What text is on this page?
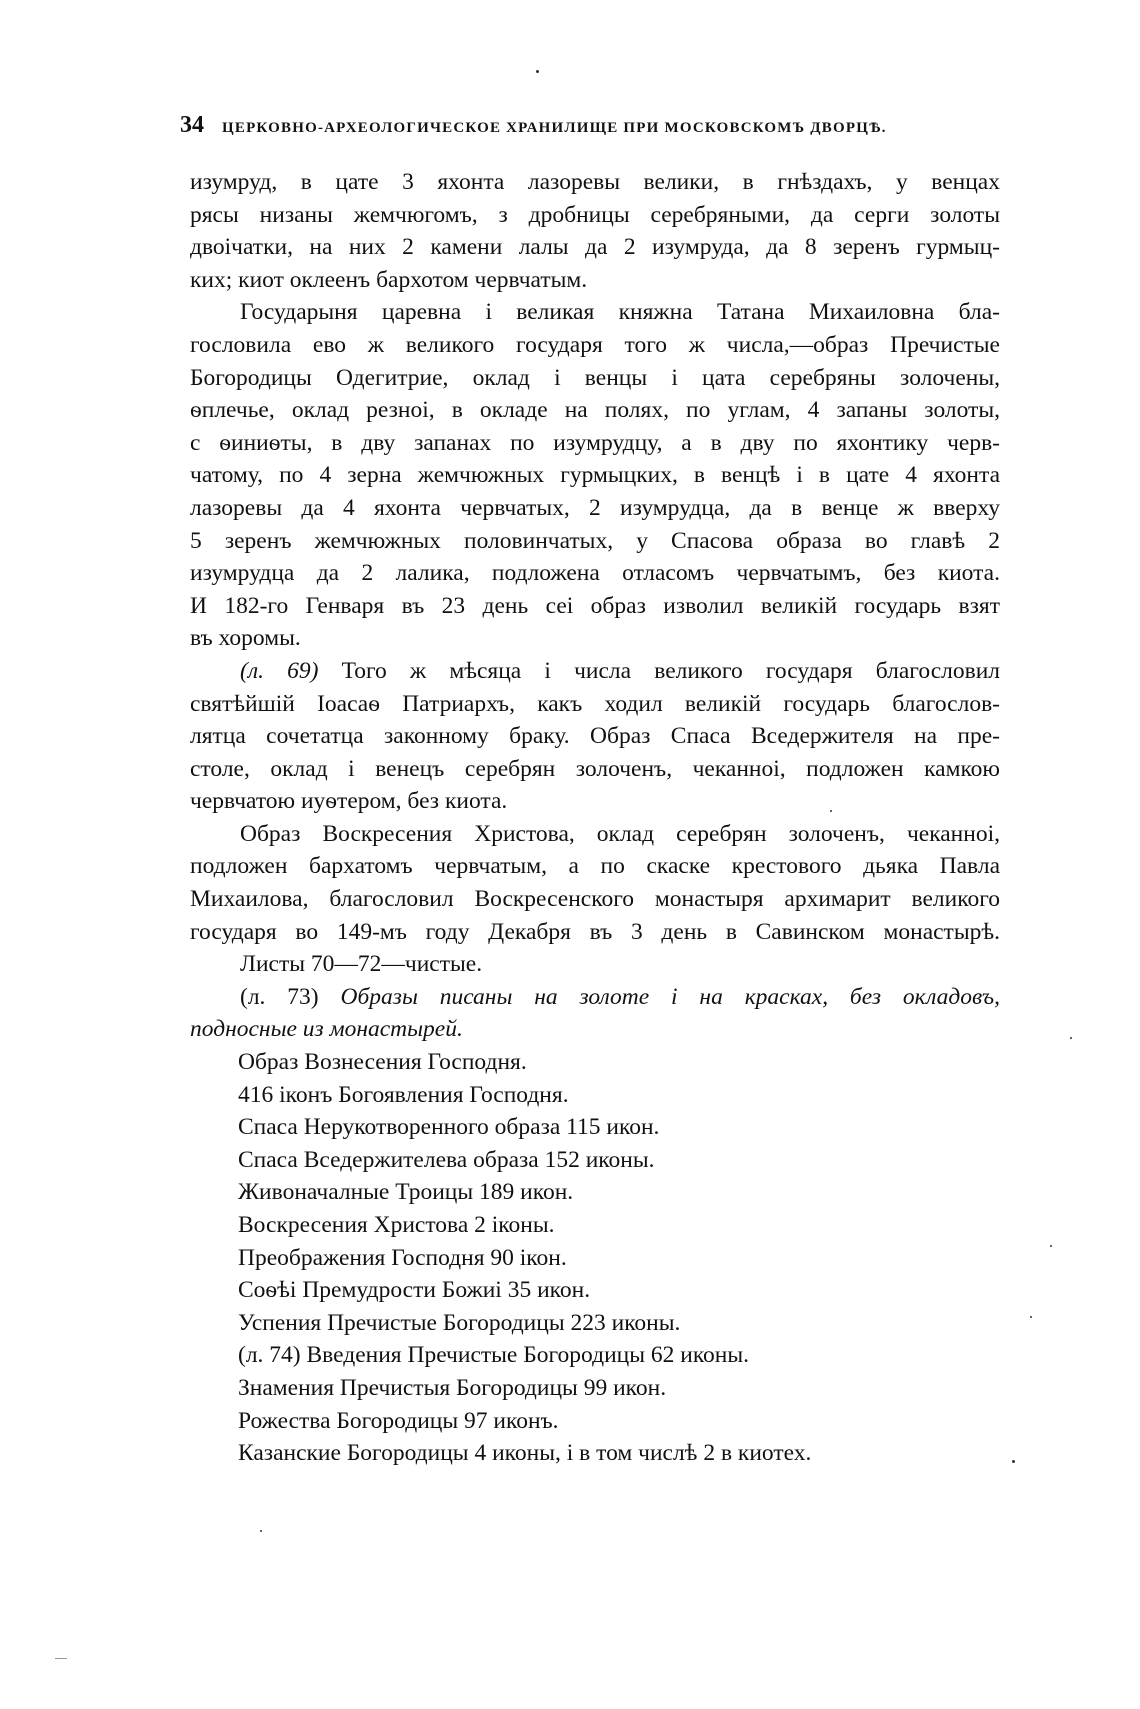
34 ЦЕРКОВНО-АРХЕОЛОГИЧЕСКОЕ ХРАНИЛИЩЕ ПРИ МОСКОВСКОМЪ ДВОРЦѢ.
изумруд, в цате 3 яхонта лазоревы велики, в гнѣздахъ, у венцах
рясы низаны жемчюгомъ, з дробницы серебряными, да серги золоты
двоiчатки, на них 2 камени лалы да 2 изумруда, да 8 зеренъ гурмыц-
ких; киот оклеенъ бархотом червчатым.
Государыня царевна i великая княжна Татана Михаиловна бла-
гословила ево ж великого государя того ж числа,—образ Пречистые
Богородицы Одегитрие, оклад i венцы i цата серебряны золочены,
ѳплечье, оклад резноi, в окладе на полях, по углам, 4 запаны золоты,
с ѳиниѳты, в дву запанах по изумрудцу, а в дву по яхонтику черв-
чатому, по 4 зерна жемчюжных гурмыцких, в венцѣ i в цате 4 яхонта
лазоревы да 4 яхонта червчатых, 2 изумрудца, да в венце ж вверху
5 зеренъ жемчюжных половинчатых, у Спасова образа во главѣ 2
изумрудца да 2 лалика, подложена отласомъ червчатымъ, без киота.
И 182-го Генваря въ 23 день сеi образ изволил великiй государь взят
въ хоромы.
(л. 69) Того ж мѣсяца i числа великого государя благословил
святѣйшiй Iоасаѳ Патриархъ, какъ ходил великiй государь благослов-
лятца сочетатца законному браку. Образ Спаса Вседержителя на пре-
столе, оклад i венецъ серебрян золоченъ, чеканноi, подложен камкою
червчатою иуѳтером, без киота.
Образ Воскресения Христова, оклад серебрян золоченъ, чеканноi,
подложен бархатомъ червчатым, а по скаске крестового дьяка Павла
Михаилова, благословил Воскресенского монастыря архимарит великого
государя во 149-мъ году Декабря въ 3 день в Савинском монастырѣ.
Листы 70—72—чистые.
(л. 73) Образы писаны на золоте i на красках, без окладовъ,
подносные из монастырей.
Образ Вознесения Господня.
416 iконъ Богоявления Господня.
Спаса Нерукотворенного образа 115 икон.
Спаса Вседержителева образа 152 иконы.
Живоначалные Троицы 189 икон.
Воскресения Христова 2 iконы.
Преображения Господня 90 iкон.
Соѳѣi Премудрости Божиi 35 икон.
Успения Пречистые Богородицы 223 иконы.
(л. 74) Введения Пречистые Богородицы 62 иконы.
Знамения Пречистыя Богородицы 99 икон.
Рожества Богородицы 97 иконъ.
Казанские Богородицы 4 иконы, i в том числѣ 2 в киотех.
